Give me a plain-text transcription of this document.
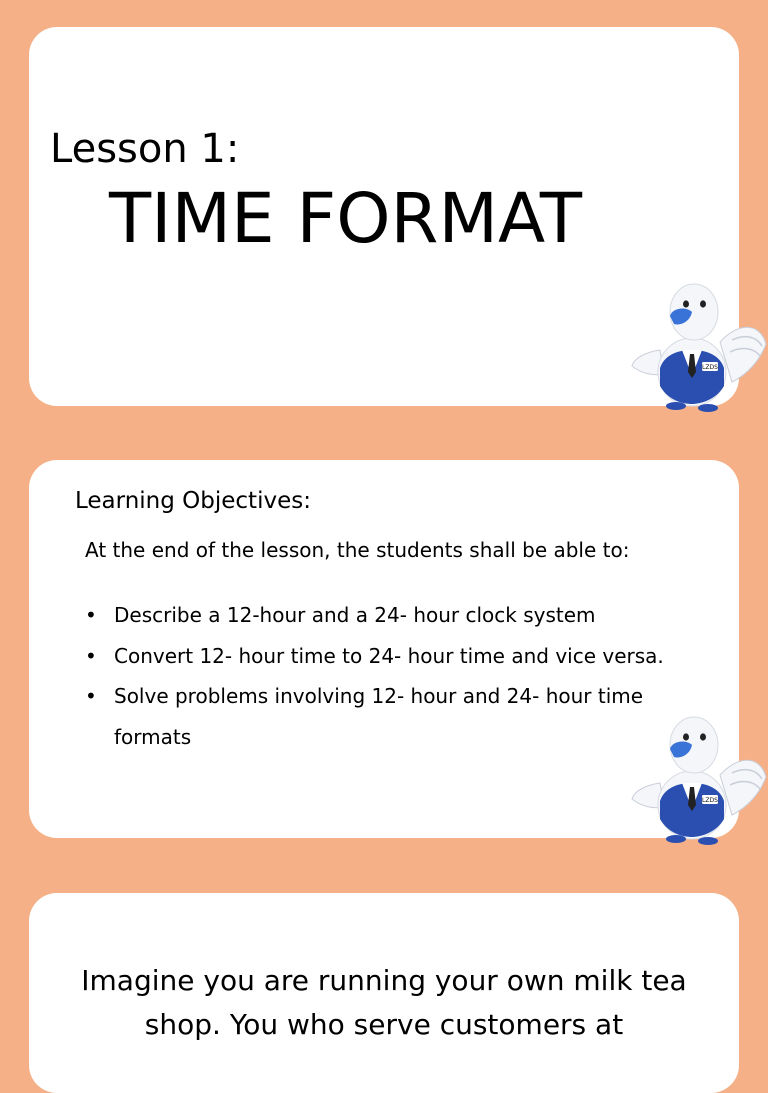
Lesson 1:
TIME FORMAT
Learning Objectives:
At the end of the lesson, the students shall be able to:
• Describe a 12-hour and a 24- hour clock system
• Convert 12- hour time to 24- hour time and vice versa.
• Solve problems involving 12- hour and 24- hour time formats
Imagine you are running your own milk tea shop. You who serve customers at
LZDS
LZDS
